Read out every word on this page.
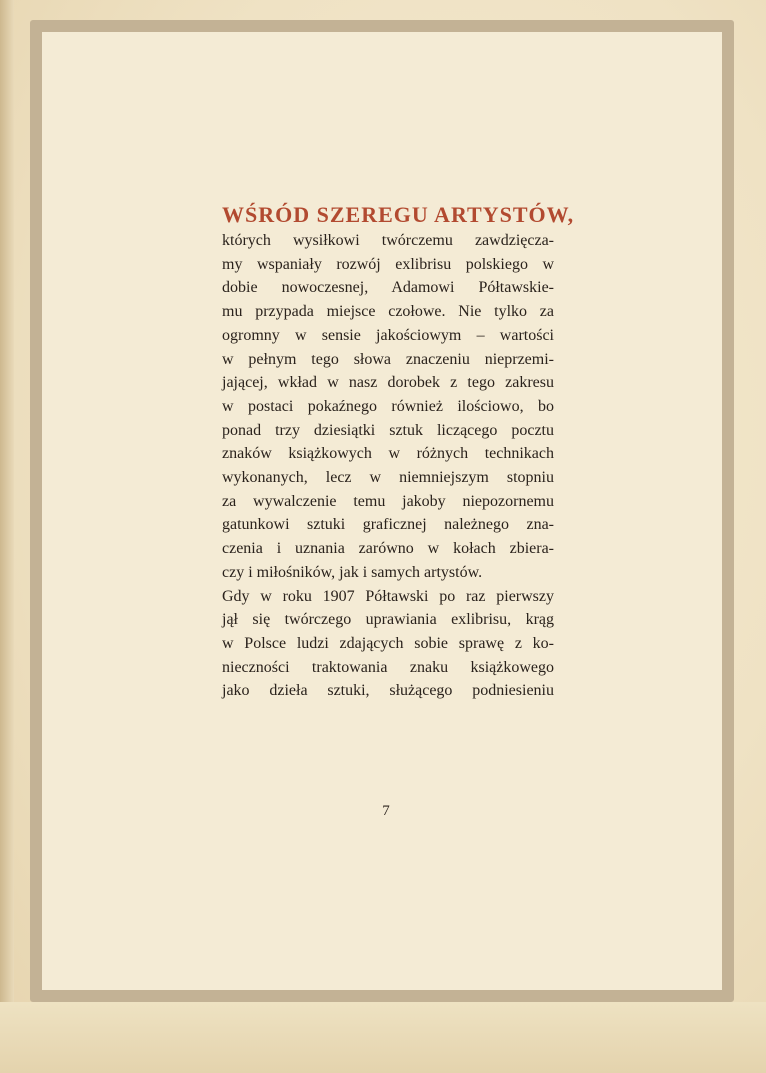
WŚRÓD SZEREGU ARTYSTÓW,

których wysiłkowi twórczemu zawdzięcza-

my wspaniały rozwój exlibrisu polskiego w

dobie nowoczesnej, Adamowi Półtawskie-

mu przypada miejsce czołowe. Nie tylko za

ogromny w sensie jakościowym – wartości

w pełnym tego słowa znaczeniu nieprzemi-

jającej, wkład w nasz dorobek z tego zakresu

w postaci pokaźnego również ilościowo, bo

ponad trzy dziesiątki sztuk liczącego pocztu

znaków książkowych w różnych technikach

wykonanych, lecz w niemniejszym stopniu

za wywalczenie temu jakoby niepozornemu

gatunkowi sztuki graficznej należnego zna-

czenia i uznania zarówno w kołach zbiera-

czy i miłośników, jak i samych artystów.

Gdy w roku 1907 Półtawski po raz pierwszy

jął się twórczego uprawiania exlibrisu, krąg

w Polsce ludzi zdających sobie sprawę z ko-

nieczności traktowania znaku książkowego

jako dzieła sztuki, służącego podniesieniu

7
